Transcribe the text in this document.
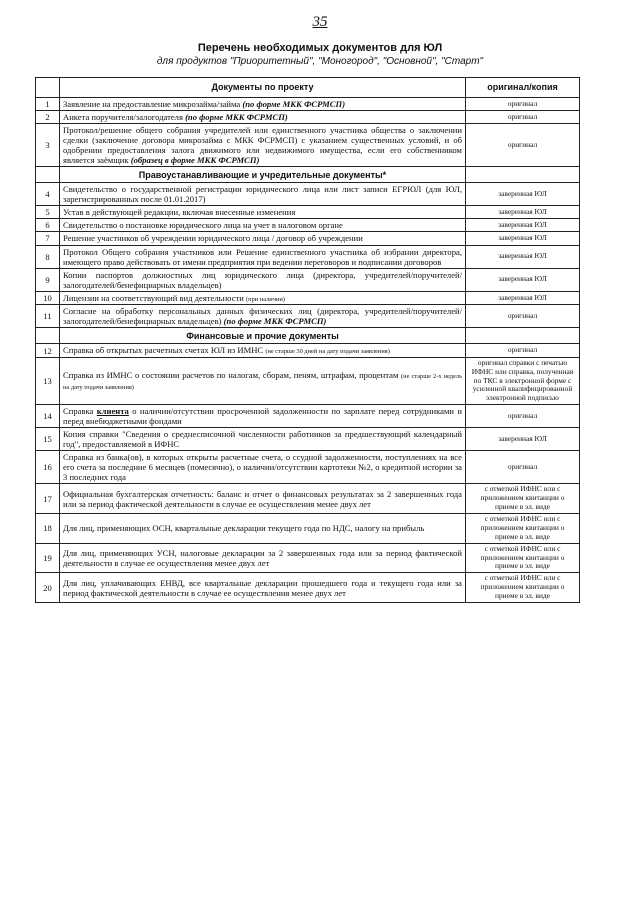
35
Перечень необходимых документов для ЮЛ
для продуктов "Приоритетный", "Моногород", "Основной", "Старт"
	Документы по проекту	оригинал/копия
1	Заявление на предоставление микрозайма/займа (по форме МКК ФСРМСП)	оригинал
2	Анкета поручителя/залогодателя (по форме МКК ФСРМСП)	оригинал
3	Протокол/решение общего собрания учредителей или единственного участника общества о заключении сделки (заключение договора микрозайма с МКК ФСРМСП) с указанием существенных условий, и об одобрении предоставления залога движимого или недвижимого имущества, если его собственником является заёмщик (образец в форме МКК ФСРМСП)	оригинал
	Правоустанавливающие и учредительные документы*	
4	Свидетельство о государственной регистрации юридического лица или лист записи ЕГРЮЛ (для ЮЛ, зарегистрированных после 01.01.2017)	заверенная ЮЛ
5	Устав в действующей редакции, включая внесенные изменения	заверенная ЮЛ
6	Свидетельство о постановке юридического лица на учет в налоговом органе	заверенная ЮЛ
7	Решение участников об учреждении юридического лица / договор об учреждении	заверенная ЮЛ
8	Протокол Общего собрания участников или Решение единственного участника об избрании директора, имеющего право действовать от имени предприятия при ведении переговоров и подписании договоров	заверенная ЮЛ
9	Копии паспортов должностных лиц юридического лица (директора, учредителей/поручителей/залогодателей/бенефициарных владельцев)	заверенная ЮЛ
10	Лицензии на соответствующий вид деятельности (при наличии)	заверенная ЮЛ
11	Согласие на обработку персональных данных физических лиц (директора, учредителей/поручителей/залогодателей/бенефициарных владельцев) (по форме МКК ФСРМСП)	оригинал
	Финансовые и прочие документы	
12	Справка об открытых расчетных счетах ЮЛ из ИМНС (не старше 30 дней на дату подачи заявления)	оригинал
13	Справка из ИМНС о состоянии расчетов по налогам, сборам, пеням, штрафам, процентам (не старше 2-х недель на дату подачи заявления)	оригинал справки с печатью ИФНС или справка, полученная по ТКС в электронной форме с усиленной квалифицированной электронной подписью
14	Справка клиента о наличии/отсутствии просроченной задолженности по зарплате перед сотрудниками и перед внебюджетными фондами	оригинал
15	Копия справки "Сведения о среднесписочной численности работников за предшествующий календарный год", предоставляемой в ИФНС	заверенная ЮЛ
16	Справка из банка(ов), в которых открыты расчетные счета, о ссудной задолженности, поступлениях на все его счета за последние 6 месяцев (помесячно), о наличии/отсутствии картотеки №2, о кредитной истории за 3 последних года	оригинал
17	Официальная бухгалтерская отчетность: баланс и отчет о финансовых результатах за 2 завершенных года или за период фактической деятельности в случае ее осуществления менее двух лет	с отметкой ИФНС или с приложением квитанции о приеме в эл. виде
18	Для лиц, применяющих ОСН, квартальные декларации текущего года по НДС, налогу на прибыль	с отметкой ИФНС или с приложением квитанции о приеме в эл. виде
19	Для лиц, применяющих УСН, налоговые декларации за 2 завершенных года или за период фактической деятельности в случае ее осуществления менее двух лет	с отметкой ИФНС или с приложением квитанции о приеме в эл. виде
20	Для лиц, уплачивающих ЕНВД, все квартальные декларации прошедшего года и текущего года или за период фактической деятельности в случае ее осуществления менее двух лет	с отметкой ИФНС или с приложением квитанции о приеме в эл. виде
